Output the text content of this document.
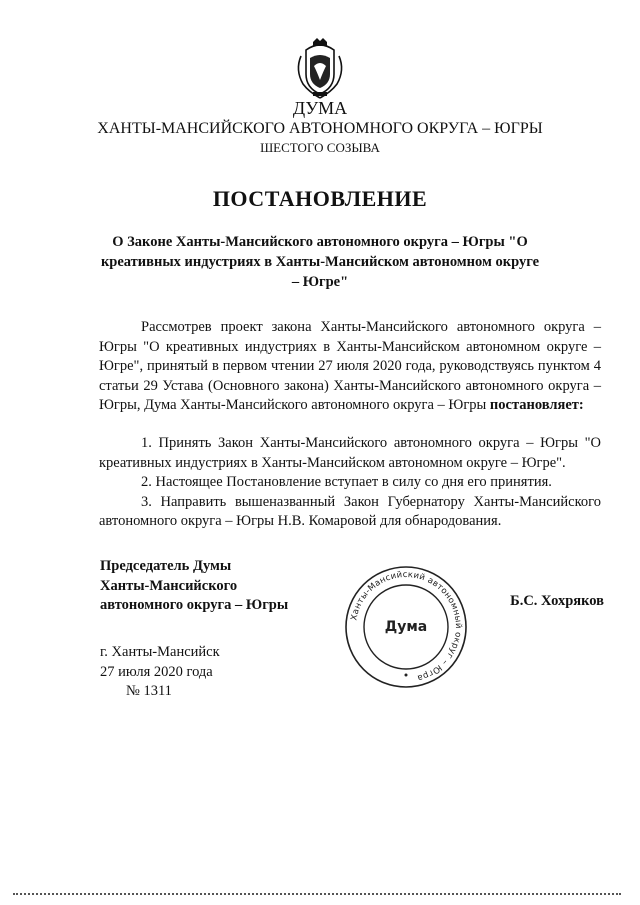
ДУМА
ХАНТЫ-МАНСИЙСКОГО АВТОНОМНОГО ОКРУГА – ЮГРЫ
ШЕСТОГО СОЗЫВА
ПОСТАНОВЛЕНИЕ
О Законе Ханты-Мансийского автономного округа – Югры "О креативных индустриях в Ханты-Мансийском автономном округе – Югре"
Рассмотрев проект закона Ханты-Мансийского автономного округа – Югры "О креативных индустриях в Ханты-Мансийском автономном округе – Югре", принятый в первом чтении 27 июля 2020 года, руководствуясь пунктом 4 статьи 29 Устава (Основного закона) Ханты-Мансийского автономного округа – Югры, Дума Ханты-Мансийского автономного округа – Югры постановляет:
1. Принять Закон Ханты-Мансийского автономного округа – Югры "О креативных индустриях в Ханты-Мансийском автономном округе – Югре".
2. Настоящее Постановление вступает в силу со дня его принятия.
3. Направить вышеназванный Закон Губернатору Ханты-Мансийского автономного округа – Югры Н.В. Комаровой для обнародования.
Председатель Думы
Ханты-Мансийского
автономного округа – Югры
Ханты-Мансийский автономный округ – Югра
Дума
Б.С. Хохряков
г. Ханты-Мансийск
27 июля 2020 года
№ 1311
